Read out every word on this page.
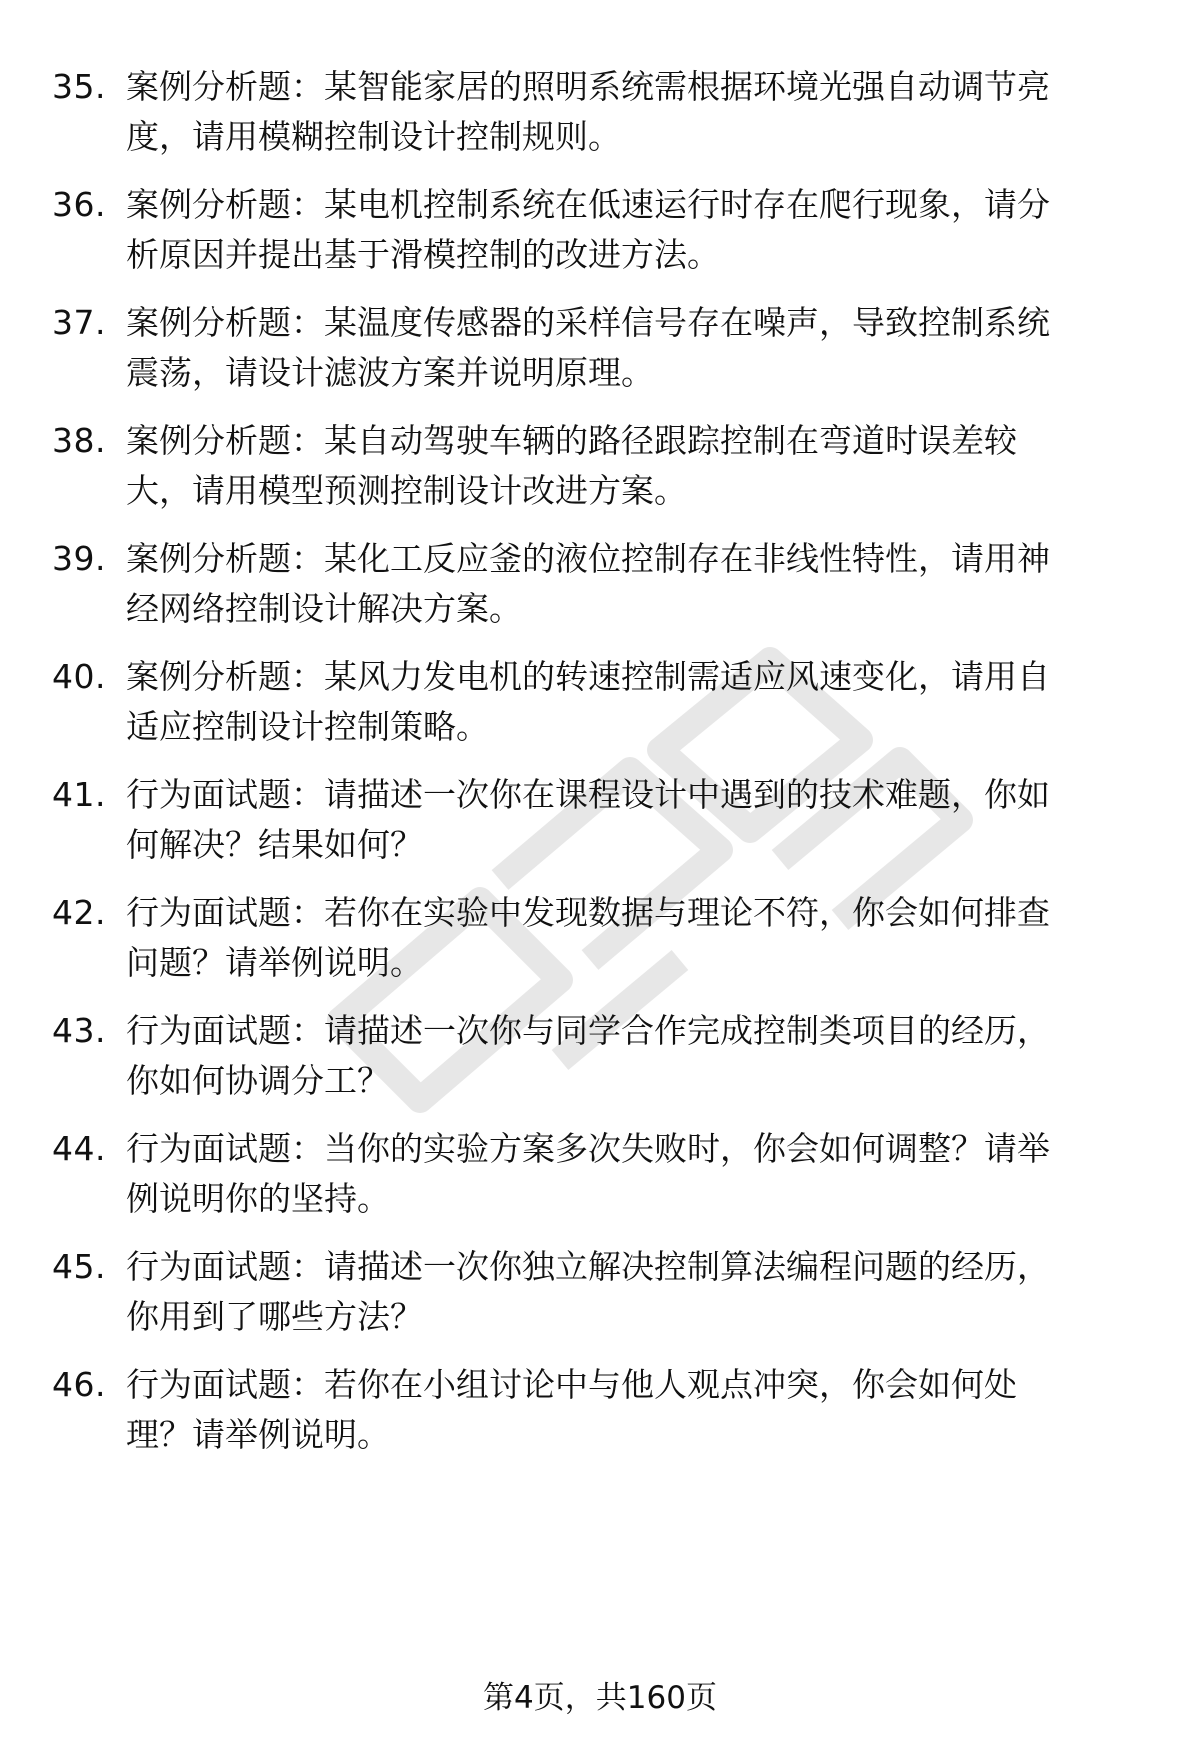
35. 案例分析题：某智能家居的照明系统需根据环境光强自动调节亮
度，请用模糊控制设计控制规则。
36. 案例分析题：某电机控制系统在低速运行时存在爬行现象，请分
析原因并提出基于滑模控制的改进方法。
37. 案例分析题：某温度传感器的采样信号存在噪声，导致控制系统
震荡，请设计滤波方案并说明原理。
38. 案例分析题：某自动驾驶车辆的路径跟踪控制在弯道时误差较
大，请用模型预测控制设计改进方案。
39. 案例分析题：某化工反应釜的液位控制存在非线性特性，请用神
经网络控制设计解决方案。
40. 案例分析题：某风力发电机的转速控制需适应风速变化，请用自
适应控制设计控制策略。
41. 行为面试题：请描述一次你在课程设计中遇到的技术难题，你如
何解决？结果如何？
42. 行为面试题：若你在实验中发现数据与理论不符，你会如何排查
问题？请举例说明。
43. 行为面试题：请描述一次你与同学合作完成控制类项目的经历，
你如何协调分工？
44. 行为面试题：当你的实验方案多次失败时，你会如何调整？请举
例说明你的坚持。
45. 行为面试题：请描述一次你独立解决控制算法编程问题的经历，
你用到了哪些方法？
46. 行为面试题：若你在小组讨论中与他人观点冲突，你会如何处
理？请举例说明。
第4页，共160页
